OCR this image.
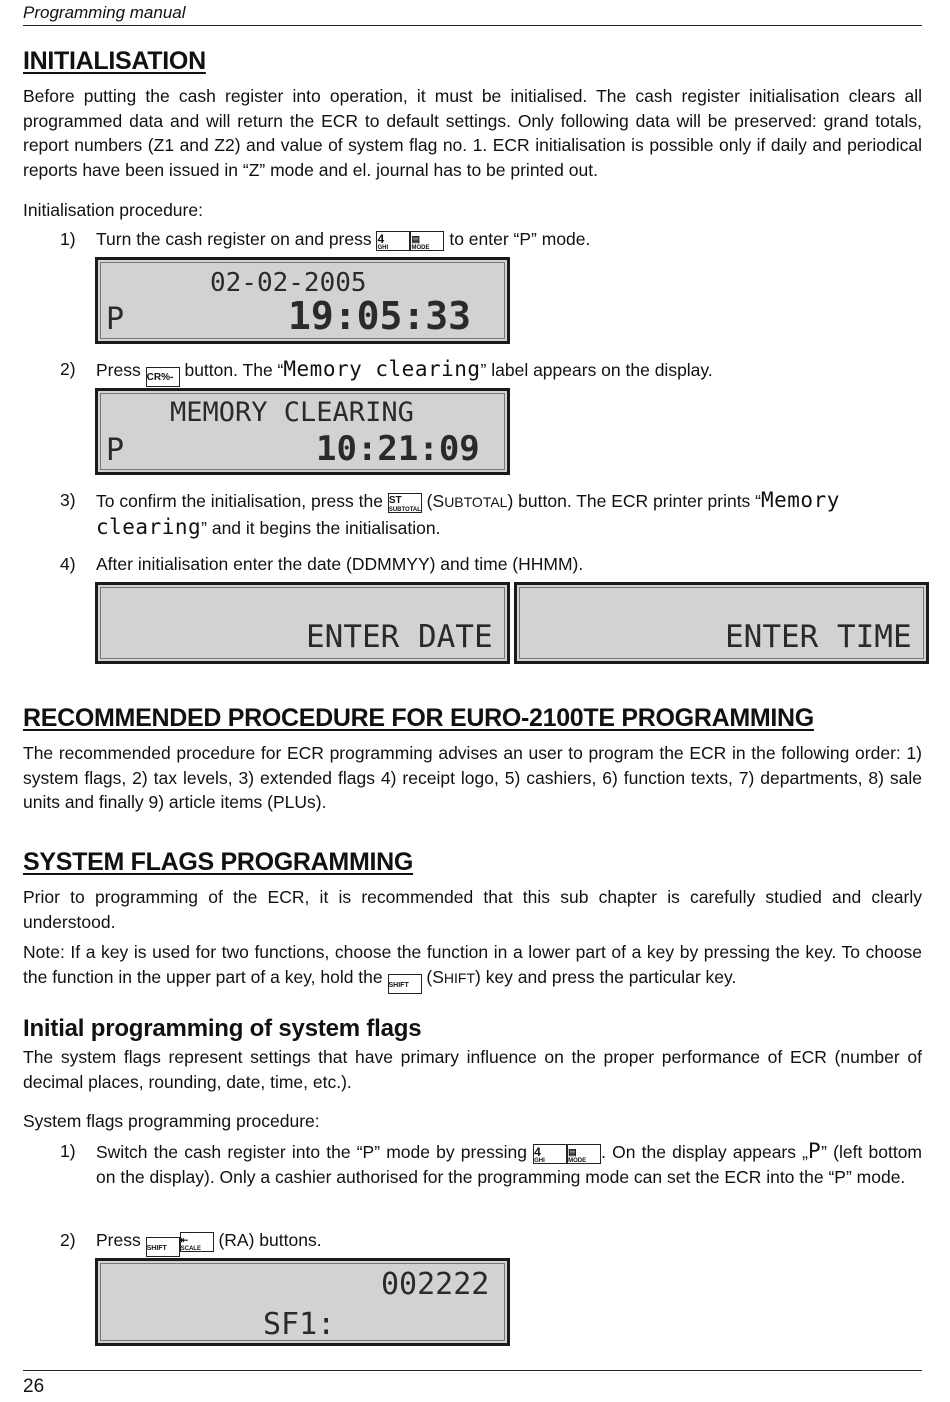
Programming manual
INITIALISATION

Before putting the cash register into operation, it must be initialised. The cash register initialisation clears all programmed data and will return the ECR to default settings. Only following data will be preserved: grand totals, report numbers (Z1 and Z2) and value of system flag no. 1. ECR initialisation is possible only if daily and periodical reports have been issued in “Z” mode and el. journal has to be printed out.

Initialisation procedure:

1) Turn the cash register on and press 4
GHI
▤
MODE to enter “P” mode.
02-02-2005
P	19:05:33
2) Press CR%- button. The “Memory clearing” label appears on the display.
MEMORY CLEARING
P	10:21:09
3) To confirm the initialisation, press the ST
SUBTOTAL (SUBTOTAL) button. The ECR printer prints “Memory
clearing” and it begins the initialisation.
4) After initialisation enter the date (DDMMYY) and time (HHMM).
ENTER DATE	ENTER TIME
RECOMMENDED PROCEDURE FOR EURO-2100TE PROGRAMMING

The recommended procedure for ECR programming advises an user to program the ECR in the following order: 1) system flags, 2) tax levels, 3) extended flags 4) receipt logo, 5) cashiers, 6) function texts, 7) departments, 8) sale units and finally 9) article items (PLUs).

SYSTEM FLAGS PROGRAMMING

Prior to programming of the ECR, it is recommended that this sub chapter is carefully studied and clearly understood.

Note: If a key is used for two functions, choose the function in a lower part of a key by pressing the key. To choose the function in the upper part of a key, hold the SHIFT (SHIFT) key and press the particular key.

Initial programming of system flags

The system flags represent settings that have primary influence on the proper performance of ECR (number of decimal places, rounding, date, time, etc.).

System flags programming procedure:

1) Switch the cash register into the “P” mode by pressing 4
GHI
▤
MODE . On the display appears „P” (left bottom on the display). Only a cashier authorised for the programming mode can set the ECR into the “P” mode.
2) Press SHIFT
⇤
SCALE (RA) buttons.
002222
SF1:
26
